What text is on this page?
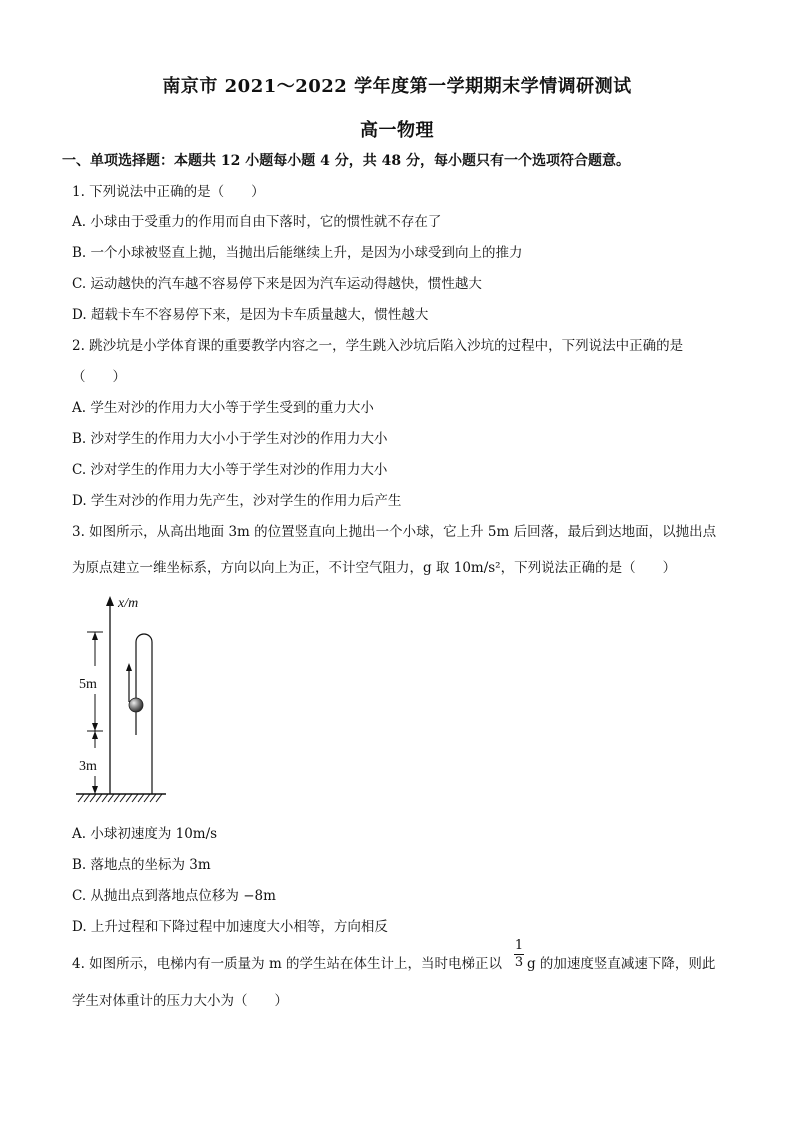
南京市 2021～2022 学年度第一学期期末学情调研测试
高一物理
一、单项选择题：本题共 12 小题每小题 4 分，共 48 分，每小题只有一个选项符合题意。
1. 下列说法中正确的是（　　）
A. 小球由于受重力的作用而自由下落时，它的惯性就不存在了
B. 一个小球被竖直上抛，当抛出后能继续上升，是因为小球受到向上的推力
C. 运动越快的汽车越不容易停下来是因为汽车运动得越快，惯性越大
D. 超载卡车不容易停下来，是因为卡车质量越大，惯性越大
2. 跳沙坑是小学体育课的重要教学内容之一，学生跳入沙坑后陷入沙坑的过程中，下列说法中正确的是
（　　）
A. 学生对沙的作用力大小等于学生受到的重力大小
B. 沙对学生的作用力大小小于学生对沙的作用力大小
C. 沙对学生的作用力大小等于学生对沙的作用力大小
D. 学生对沙的作用力先产生，沙对学生的作用力后产生
3. 如图所示，从高出地面 3m 的位置竖直向上抛出一个小球，它上升 5m 后回落，最后到达地面，以抛出点
为原点建立一维坐标系，方向以向上为正，不计空气阻力，g 取 10m/s²，下列说法正确的是（　　）
x/m
5m
3m
A. 小球初速度为 10m/s
B. 落地点的坐标为 3m
C. 从抛出点到落地点位移为 −8m
D. 上升过程和下降过程中加速度大小相等，方向相反
4. 如图所示，电梯内有一质量为 m 的学生站在体生计上，当时电梯正以
1
3 g 的加速度竖直减速下降，则此
学生对体重计的压力大小为（　　）
